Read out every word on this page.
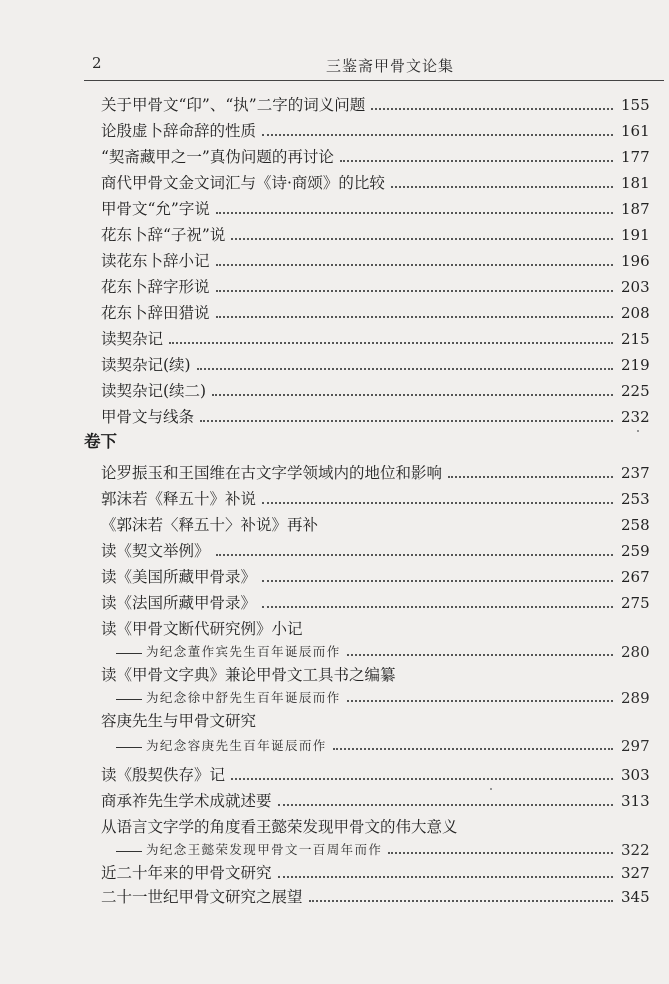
2	三鉴斋甲骨文论集
关于甲骨文“印”、“执”二字的词义问题	155
论殷虚卜辞命辞的性质	161
“契斋藏甲之一”真伪问题的再讨论	177
商代甲骨文金文词汇与《诗·商颂》的比较	181
甲骨文“允”字说	187
花东卜辞“子祝”说	191
读花东卜辞小记	196
花东卜辞字形说	203
花东卜辞田猎说	208
读契杂记	215
读契杂记(续)	219
读契杂记(续二)	225
甲骨文与线条	232
卷下
论罗振玉和王国维在古文字学领域内的地位和影响	237
郭沫若《释五十》补说	253
《郭沫若〈释五十〉补说》再补	258
读《契文举例》	259
读《美国所藏甲骨录》	267
读《法国所藏甲骨录》	275
读《甲骨文断代研究例》小记
为纪念董作宾先生百年诞辰而作	280
读《甲骨文字典》兼论甲骨文工具书之编纂
为纪念徐中舒先生百年诞辰而作	289
容庚先生与甲骨文研究
为纪念容庚先生百年诞辰而作	297
读《殷契佚存》记	303
商承祚先生学术成就述要	313
从语言文字学的角度看王懿荣发现甲骨文的伟大意义
为纪念王懿荣发现甲骨文一百周年而作	322
近二十年来的甲骨文研究	327
二十一世纪甲骨文研究之展望	345
